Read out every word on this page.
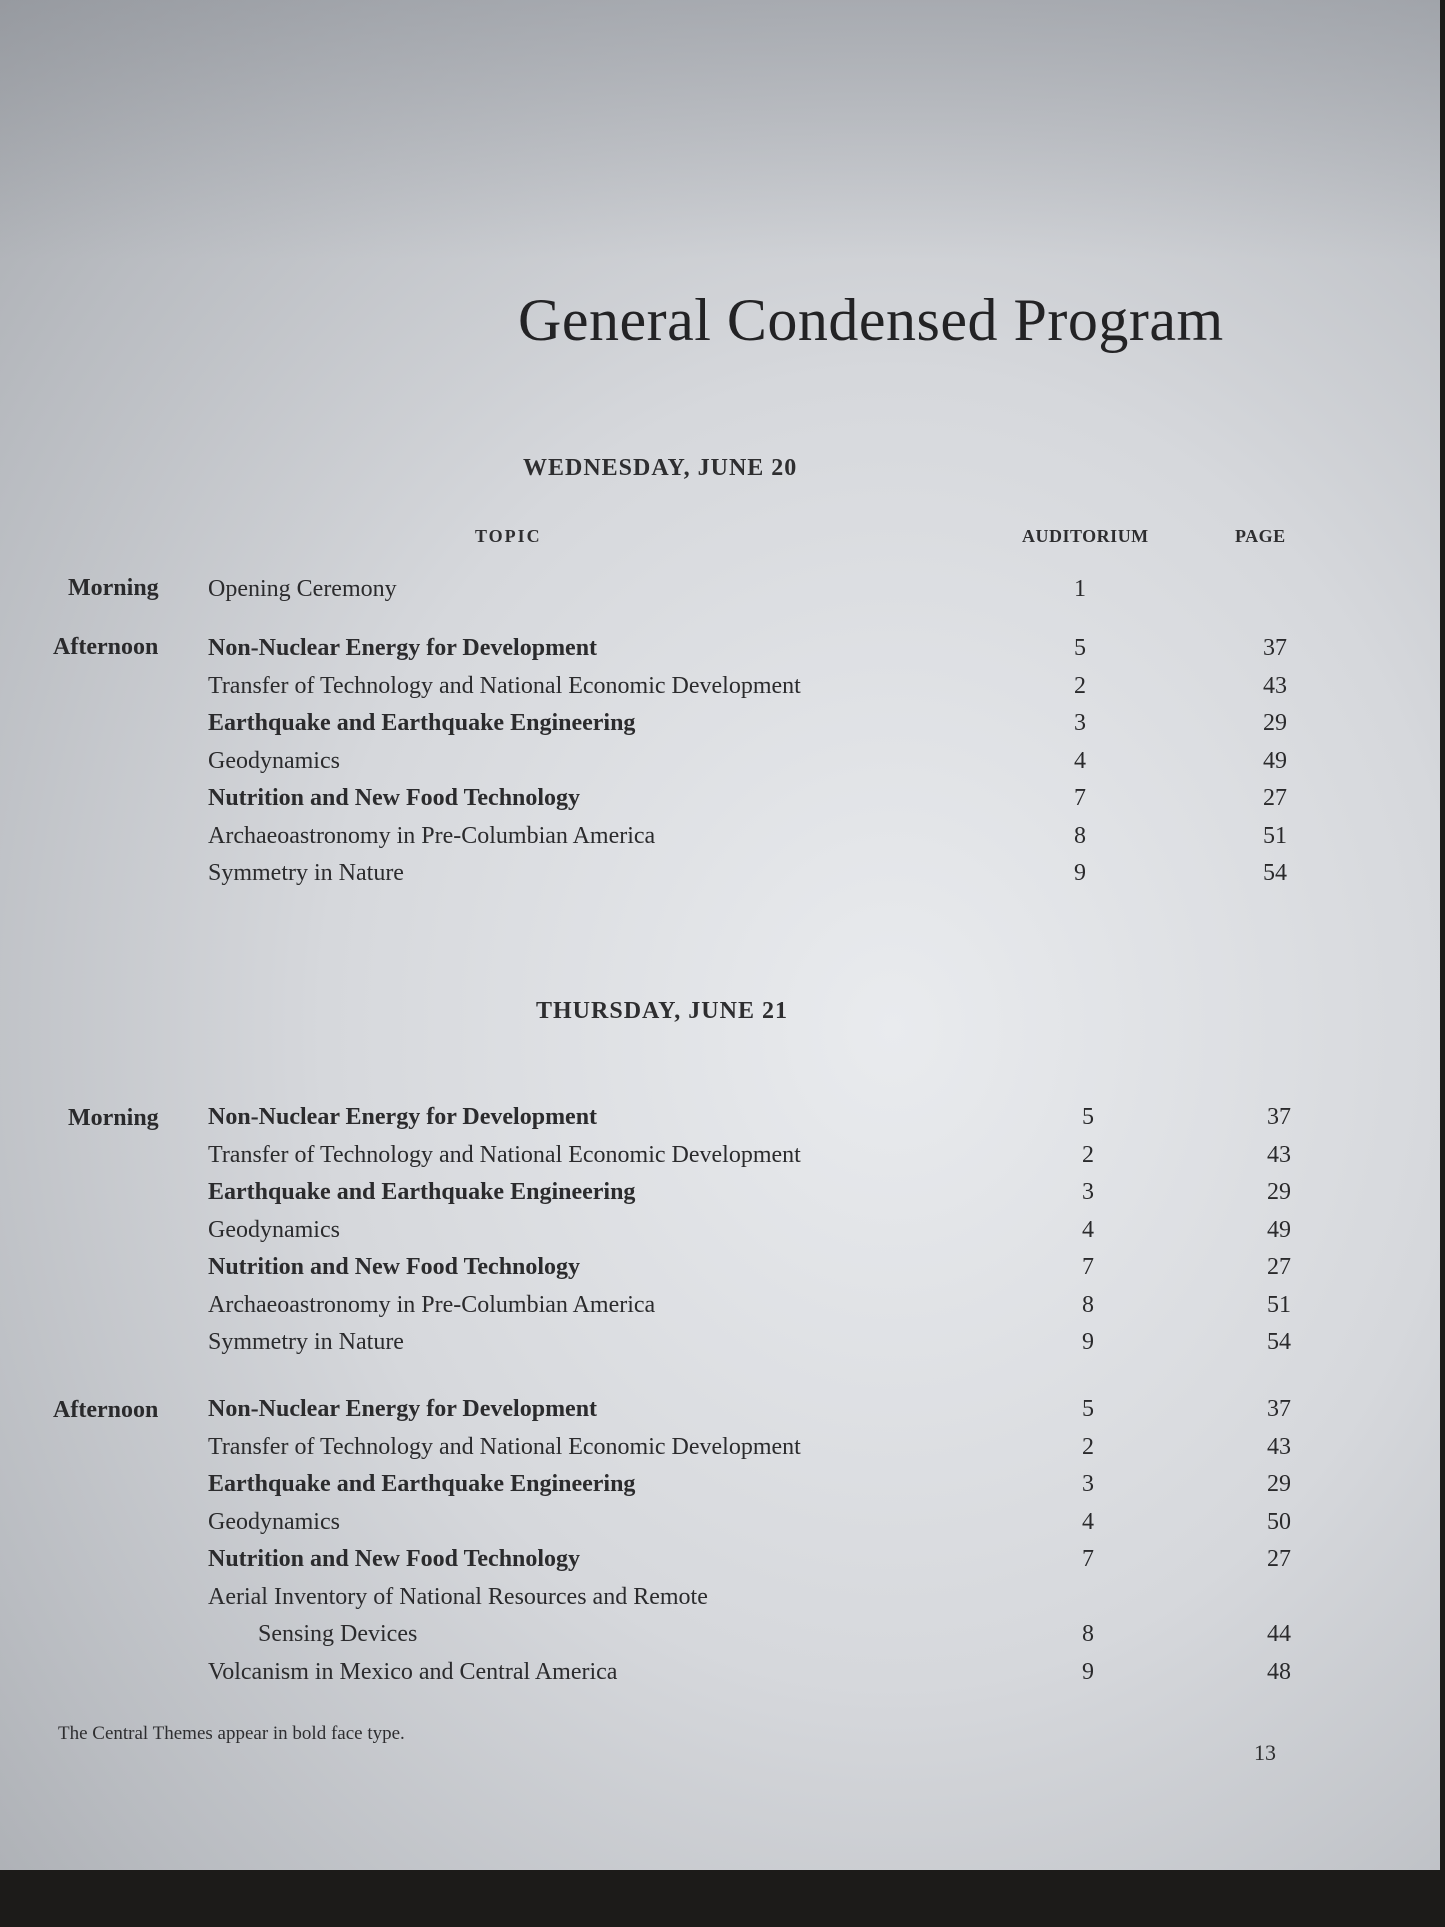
General Condensed Program
WEDNESDAY, JUNE 20
TOPIC	AUDITORIUM	PAGE
Morning Opening Ceremony	1
Afternoon Non-Nuclear Energy for Development	5	37
Transfer of Technology and National Economic Development	2	43
Earthquake and Earthquake Engineering	3	29
Geodynamics	4	49
Nutrition and New Food Technology	7	27
Archaeoastronomy in Pre-Columbian America	8	51
Symmetry in Nature	9	54
THURSDAY, JUNE 21
Morning Non-Nuclear Energy for Development	5	37
Transfer of Technology and National Economic Development	2	43
Earthquake and Earthquake Engineering	3	29
Geodynamics	4	49
Nutrition and New Food Technology	7	27
Archaeoastronomy in Pre-Columbian America	8	51
Symmetry in Nature	9	54
Afternoon Non-Nuclear Energy for Development	5	37
Transfer of Technology and National Economic Development	2	43
Earthquake and Earthquake Engineering	3	29
Geodynamics	4	50
Nutrition and New Food Technology	7	27
Aerial Inventory of National Resources and Remote
Sensing Devices	8	44
Volcanism in Mexico and Central America	9	48
The Central Themes appear in bold face type.
13
